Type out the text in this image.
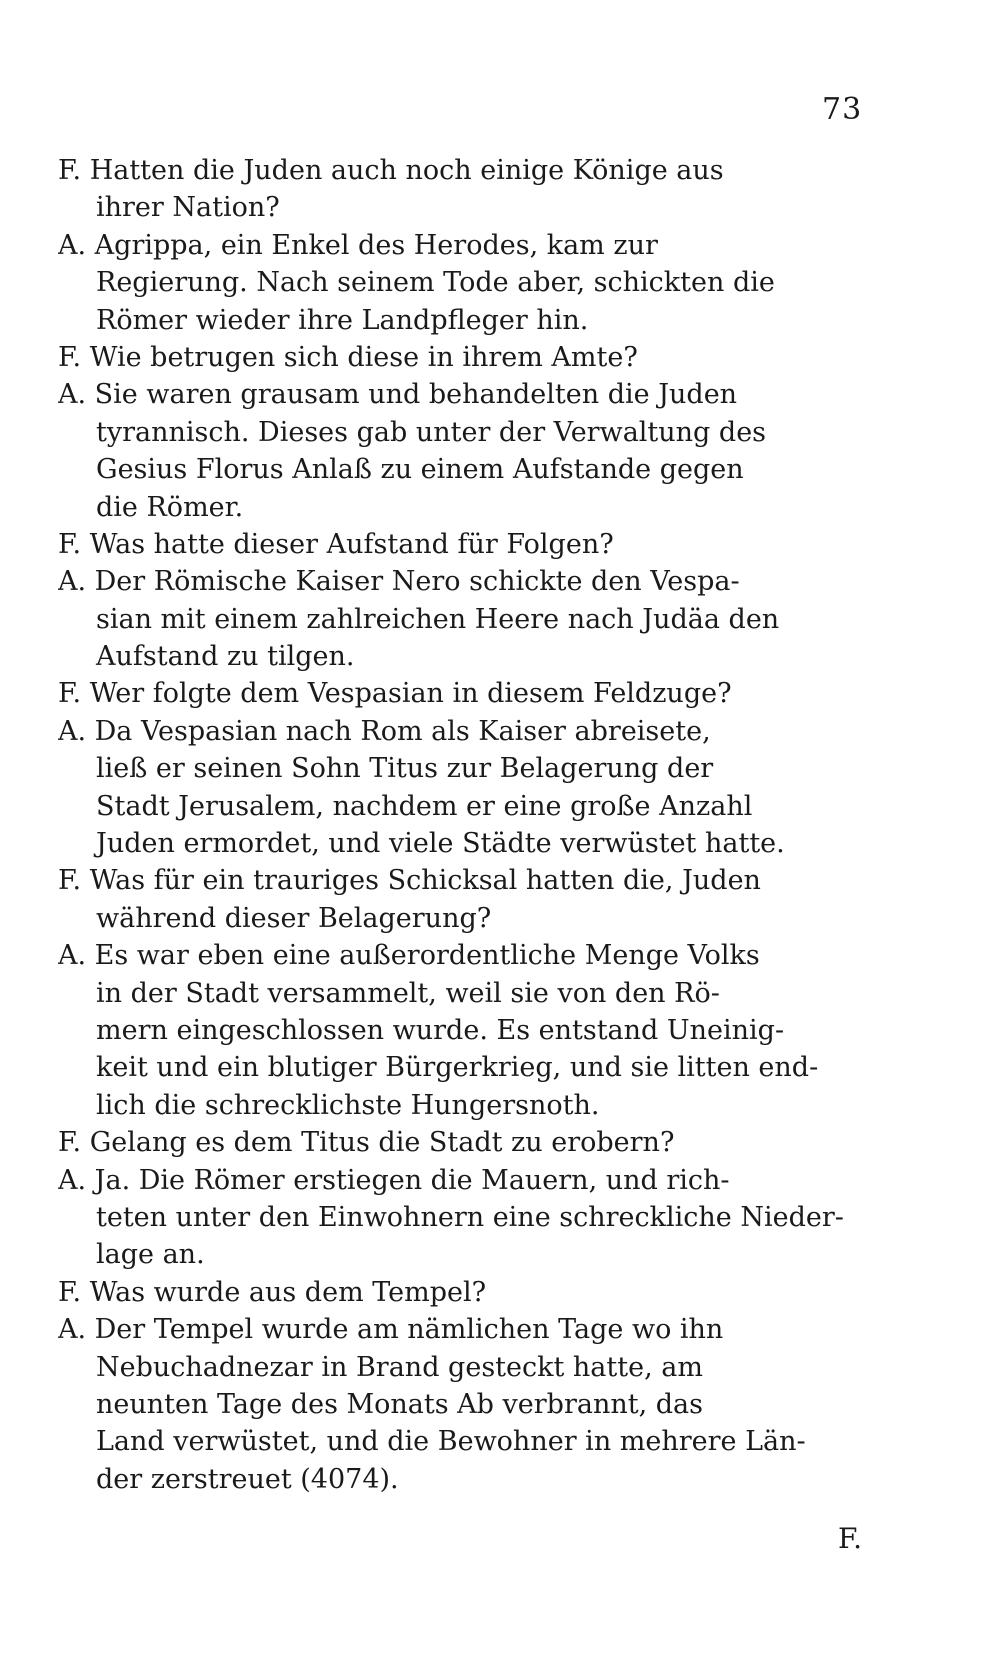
73
F. Hatten die Juden auch noch einige Könige aus
ihrer Nation?
A. Agrippa, ein Enkel des Herodes, kam zur
Regierung. Nach seinem Tode aber, schickten die
Römer wieder ihre Landpfleger hin.
F. Wie betrugen sich diese in ihrem Amte?
A. Sie waren grausam und behandelten die Juden
tyrannisch. Dieses gab unter der Verwaltung des
Gesius Florus Anlaß zu einem Aufstande gegen
die Römer.
F. Was hatte dieser Aufstand für Folgen?
A. Der Römische Kaiser Nero schickte den Vespa-
sian mit einem zahlreichen Heere nach Judäa den
Aufstand zu tilgen.
F. Wer folgte dem Vespasian in diesem Feldzuge?
A. Da Vespasian nach Rom als Kaiser abreisete,
ließ er seinen Sohn Titus zur Belagerung der
Stadt Jerusalem, nachdem er eine große Anzahl
Juden ermordet, und viele Städte verwüstet hatte.
F. Was für ein trauriges Schicksal hatten die, Juden
während dieser Belagerung?
A. Es war eben eine außerordentliche Menge Volks
in der Stadt versammelt, weil sie von den Rö-
mern eingeschlossen wurde. Es entstand Uneinig-
keit und ein blutiger Bürgerkrieg, und sie litten end-
lich die schrecklichste Hungersnoth.
F. Gelang es dem Titus die Stadt zu erobern?
A. Ja. Die Römer erstiegen die Mauern, und rich-
teten unter den Einwohnern eine schreckliche Nieder-
lage an.
F. Was wurde aus dem Tempel?
A. Der Tempel wurde am nämlichen Tage wo ihn
Nebuchadnezar in Brand gesteckt hatte, am
neunten Tage des Monats Ab verbrannt, das
Land verwüstet, und die Bewohner in mehrere Län-
der zerstreuet (4074).
F.
